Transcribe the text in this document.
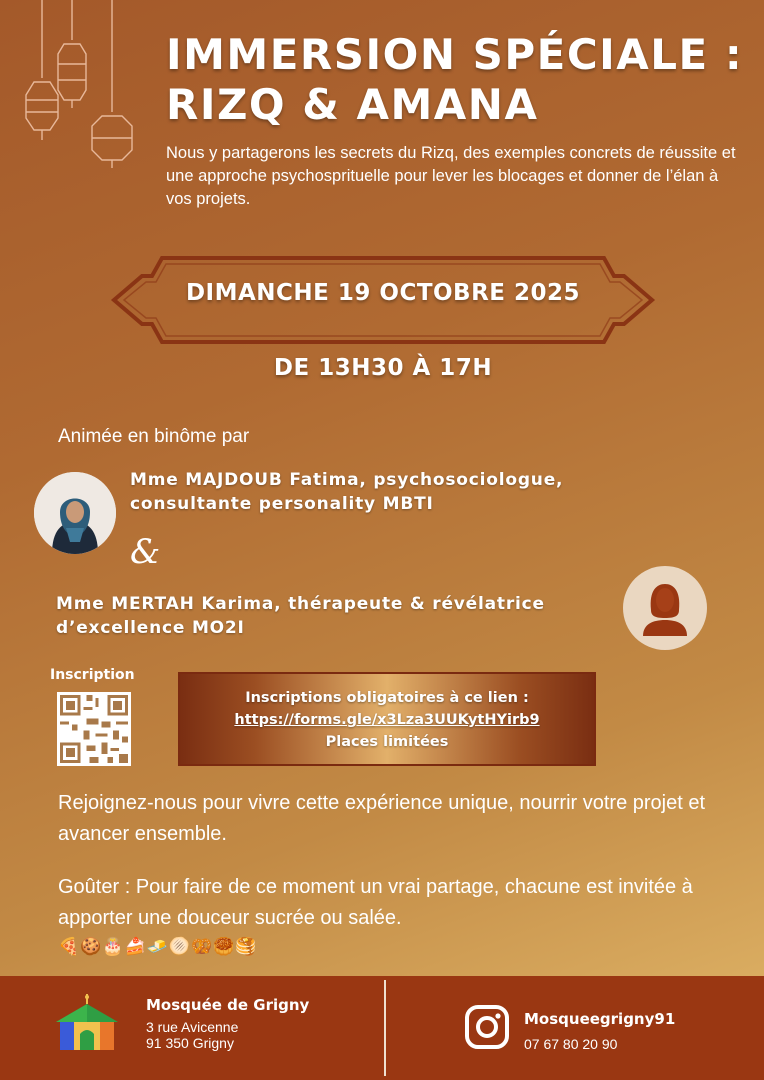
IMMERSION SPÉCIALE :
RIZQ & AMANA
Nous y partagerons les secrets du Rizq, des exemples concrets de réussite et une approche psychosprituelle pour lever les blocages et donner de l’élan à vos projets.
DIMANCHE 19 OCTOBRE 2025
DE 13H30 À 17H
Animée en binôme par
Mme MAJDOUB Fatima, psychosociologue,
consultante personality MBTI
&
Mme MERTAH Karima, thérapeute & révélatrice
d’excellence MO2I
Inscription
Inscriptions obligatoires à ce lien :
https://forms.gle/x3Lza3UUKytHYirb9
Places limitées
Rejoignez-nous pour vivre cette expérience unique, nourrir votre projet et avancer ensemble.
Goûter : Pour faire de ce moment un vrai partage, chacune est invitée à apporter une douceur sucrée ou salée.
🍕🍪🎂🍰🧈🫓🥨🥮🥞
Mosquée de Grigny
3 rue Avicenne
91 350 Grigny
Mosqueegrigny91
07 67 80 20 90
